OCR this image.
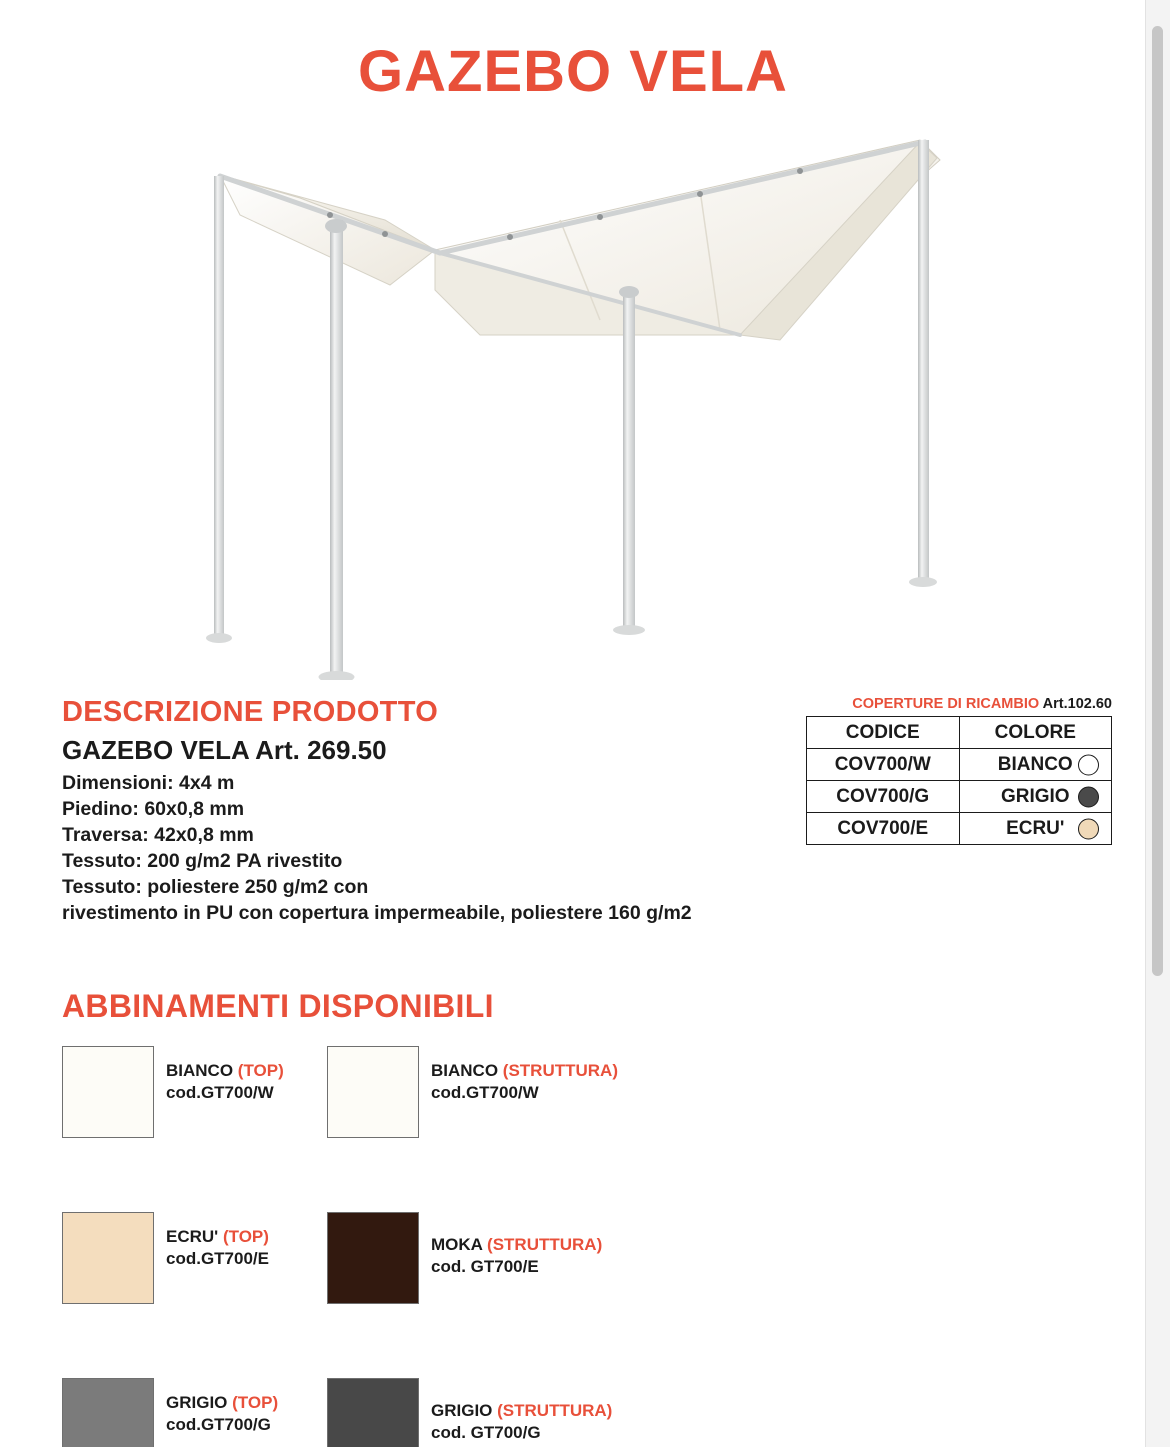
GAZEBO VELA
DESCRIZIONE PRODOTTO
GAZEBO VELA Art. 269.50
Dimensioni: 4x4 m
Piedino: 60x0,8 mm
Traversa: 42x0,8 mm
Tessuto: 200 g/m2 PA rivestito
Tessuto: poliestere 250 g/m2 con
rivestimento in PU con copertura impermeabile, poliestere 160 g/m2
COPERTURE DI RICAMBIO Art.102.60
CODICE	COLORE
COV700/W	BIANCO

COV700/G	GRIGIO

COV700/E	ECRU'
ABBINAMENTI DISPONIBILI
BIANCO (TOP)
cod.GT700/W
BIANCO (STRUTTURA)
cod.GT700/W
ECRU' (TOP)
cod.GT700/E
MOKA (STRUTTURA)
cod. GT700/E
GRIGIO (TOP)
cod.GT700/G
GRIGIO (STRUTTURA)
cod. GT700/G
